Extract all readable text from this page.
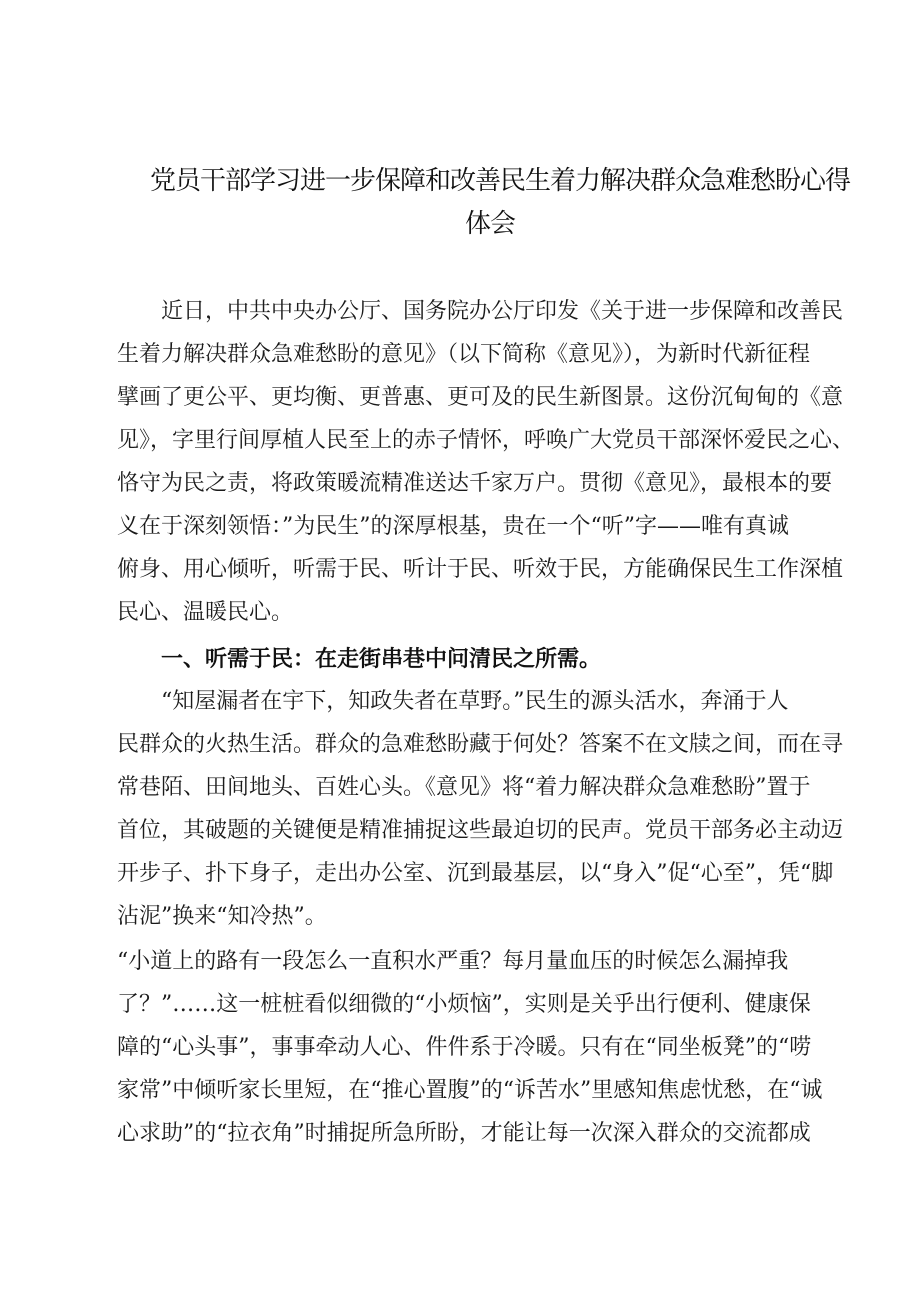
党员干部学习进一步保障和改善民生着力解决群众急难愁盼心得
体会
近日，中共中央办公厅、国务院办公厅印发《关于进一步保障和改善民
生着力解决群众急难愁盼的意见》（以下简称《意见》），为新时代新征程
擘画了更公平、更均衡、更普惠、更可及的民生新图景。这份沉甸甸的《意
见》，字里行间厚植人民至上的赤子情怀，呼唤广大党员干部深怀爱民之心、
恪守为民之责，将政策暖流精准送达千家万户。贯彻《意见》，最根本的要
义在于深刻领悟：”为民生”的深厚根基，贵在一个“听”字——唯有真诚
俯身、用心倾听，听需于民、听计于民、听效于民，方能确保民生工作深植
民心、温暖民心。
一、听需于民：在走街串巷中问清民之所需。
“知屋漏者在宇下，知政失者在草野。”民生的源头活水，奔涌于人
民群众的火热生活。群众的急难愁盼藏于何处？答案不在文牍之间，而在寻
常巷陌、田间地头、百姓心头。《意见》将“着力解决群众急难愁盼”置于
首位，其破题的关键便是精准捕捉这些最迫切的民声。党员干部务必主动迈
开步子、扑下身子，走出办公室、沉到最基层，以“身入”促“心至”，凭“脚
沾泥”换来“知冷热”。
“小道上的路有一段怎么一直积水严重？每月量血压的时候怎么漏掉我
了？”……这一桩桩看似细微的“小烦恼”，实则是关乎出行便利、健康保
障的“心头事”，事事牵动人心、件件系于冷暖。只有在“同坐板凳”的“唠
家常”中倾听家长里短，在“推心置腹”的“诉苦水”里感知焦虑忧愁，在“诚
心求助”的“拉衣角”时捕捉所急所盼，才能让每一次深入群众的交流都成
